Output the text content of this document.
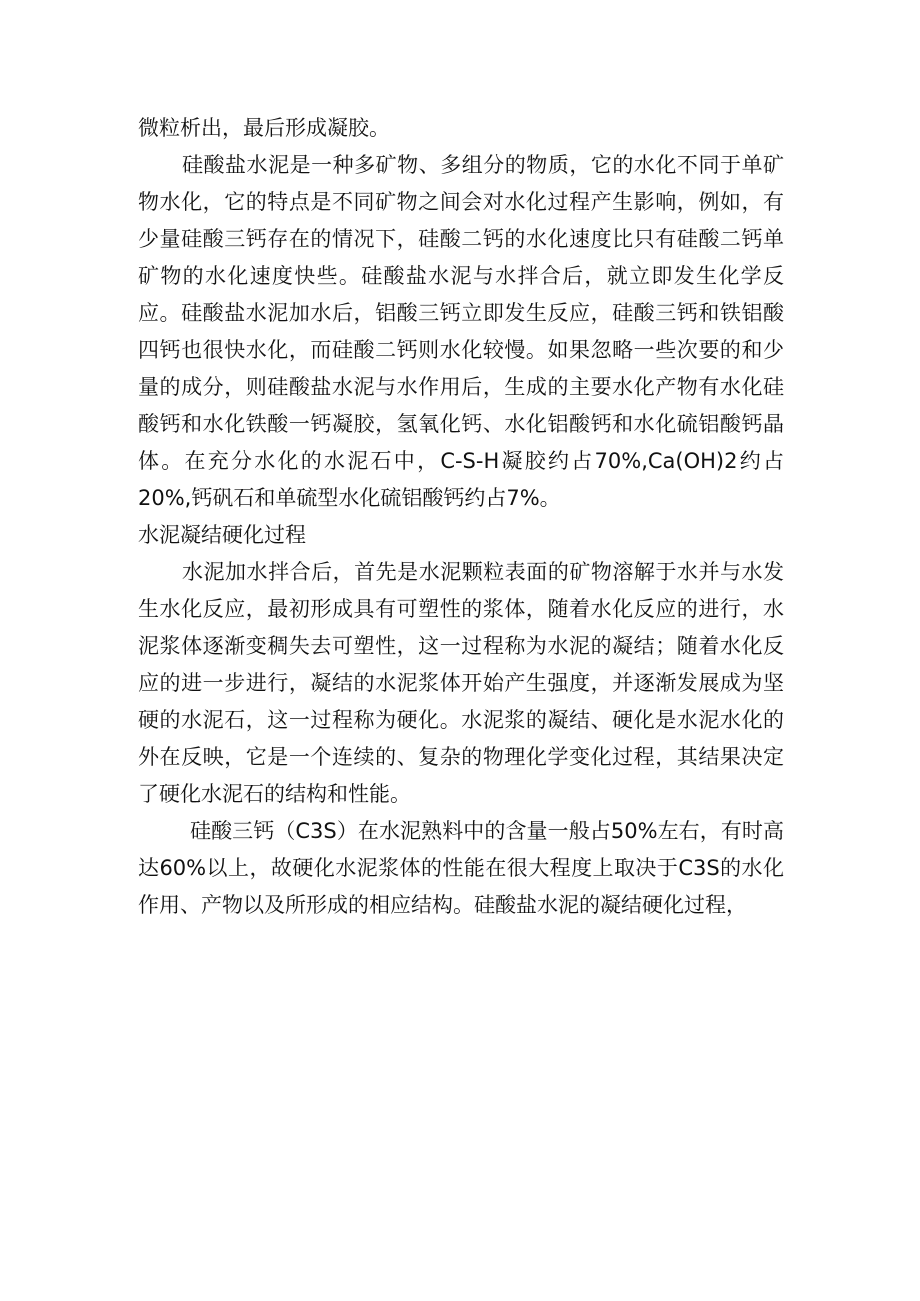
微粒析出，最后形成凝胶。

硅酸盐水泥是一种多矿物、多组分的物质，它的水化不同于单矿物水化，它的特点是不同矿物之间会对水化过程产生影响，例如，有少量硅酸三钙存在的情况下，硅酸二钙的水化速度比只有硅酸二钙单矿物的水化速度快些。硅酸盐水泥与水拌合后，就立即发生化学反应。硅酸盐水泥加水后，铝酸三钙立即发生反应，硅酸三钙和铁铝酸四钙也很快水化，而硅酸二钙则水化较慢。如果忽略一些次要的和少量的成分，则硅酸盐水泥与水作用后，生成的主要水化产物有水化硅酸钙和水化铁酸一钙凝胶，氢氧化钙、水化铝酸钙和水化硫铝酸钙晶体。在充分水化的水泥石中，C-S-H凝胶约占70%,Ca(OH)2约占20%,钙矾石和单硫型水化硫铝酸钙约占7%。

水泥凝结硬化过程

水泥加水拌合后，首先是水泥颗粒表面的矿物溶解于水并与水发生水化反应，最初形成具有可塑性的浆体，随着水化反应的进行，水泥浆体逐渐变稠失去可塑性，这一过程称为水泥的凝结；随着水化反应的进一步进行，凝结的水泥浆体开始产生强度，并逐渐发展成为坚硬的水泥石，这一过程称为硬化。水泥浆的凝结、硬化是水泥水化的外在反映，它是一个连续的、复杂的物理化学变化过程，其结果决定了硬化水泥石的结构和性能。

硅酸三钙（C3S）在水泥熟料中的含量一般占50%左右，有时高达60%以上，故硬化水泥浆体的性能在很大程度上取决于C3S的水化作用、产物以及所形成的相应结构。硅酸盐水泥的凝结硬化过程，
